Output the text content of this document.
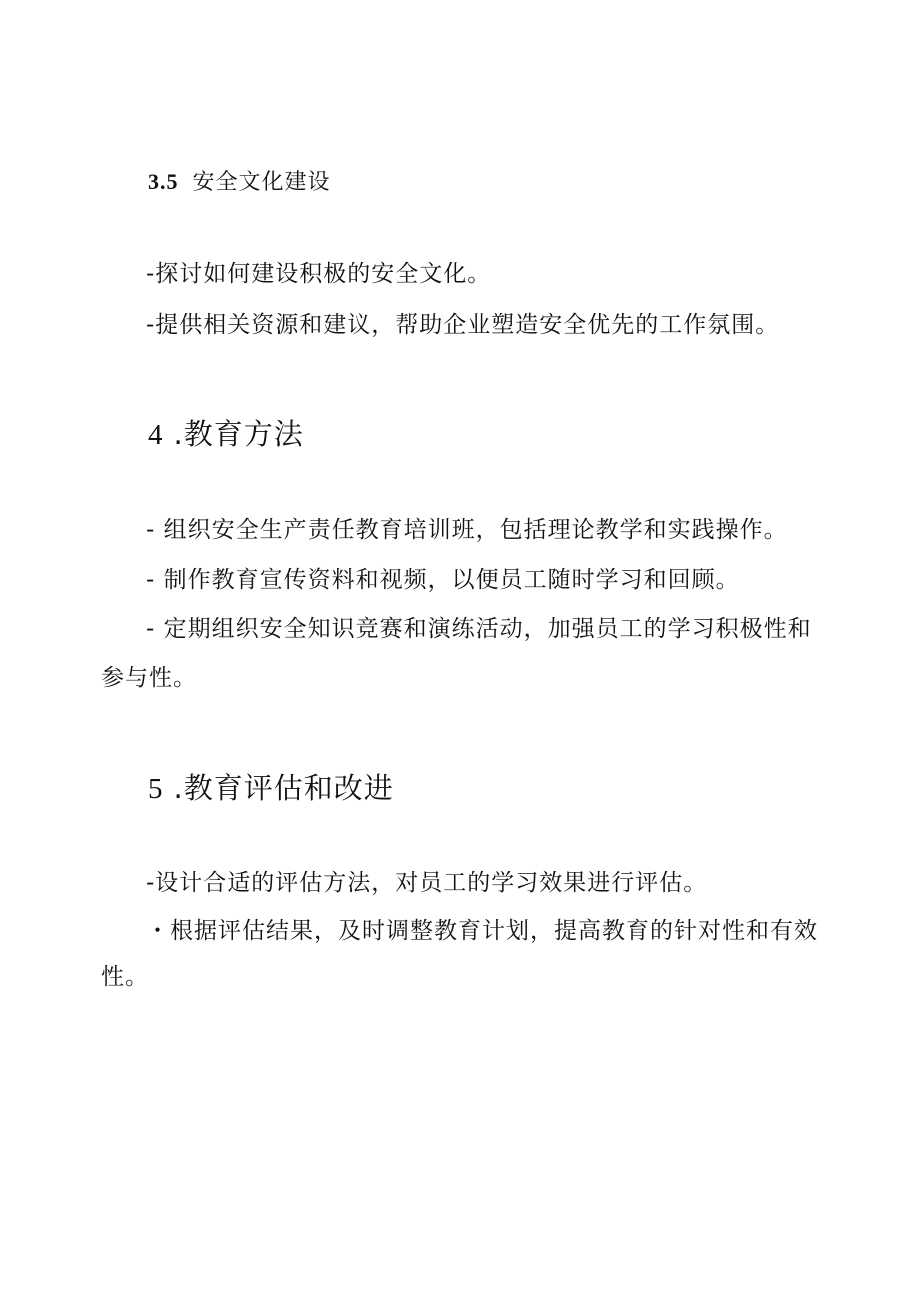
3.5 安全文化建设
-探讨如何建设积极的安全文化。
-提供相关资源和建议，帮助企业塑造安全优先的工作氛围。
4 .教育方法
- 组织安全生产责任教育培训班，包括理论教学和实践操作。
- 制作教育宣传资料和视频，以便员工随时学习和回顾。
- 定期组织安全知识竞赛和演练活动，加强员工的学习积极性和
参与性。
5 .教育评估和改进
-设计合适的评估方法，对员工的学习效果进行评估。
・根据评估结果，及时调整教育计划，提高教育的针对性和有效
性。
